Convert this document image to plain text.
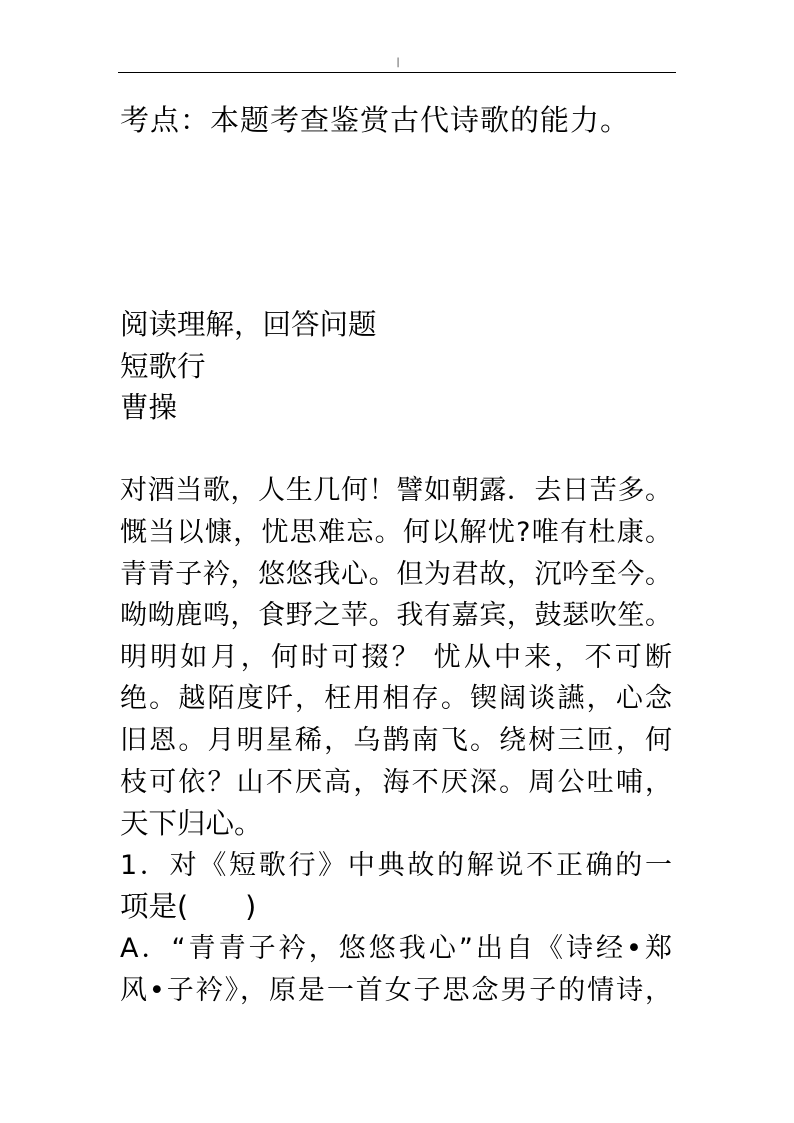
|
考点：本题考查鉴赏古代诗歌的能力。
阅读理解，回答问题
短歌行
曹操
对酒当歌，人生几何！譬如朝露．去日苦多。
慨当以慷，忧思难忘。何以解忧?唯有杜康。
青青子衿，悠悠我心。但为君故，沉吟至今。
呦呦鹿鸣，食野之苹。我有嘉宾，鼓瑟吹笙。
明明如月，何时可掇？ 忧从中来，不可断
绝。越陌度阡，枉用相存。锲阔谈讌，心念
旧恩。月明星稀，乌鹊南飞。绕树三匝，何
枝可依？山不厌高，海不厌深。周公吐哺，
天下归心。
1．对《短歌行》中典故的解说不正确的一
项是(　　)
A．“青青子衿，悠悠我心”出自《诗经•郑
风•子衿》，原是一首女子思念男子的情诗，
